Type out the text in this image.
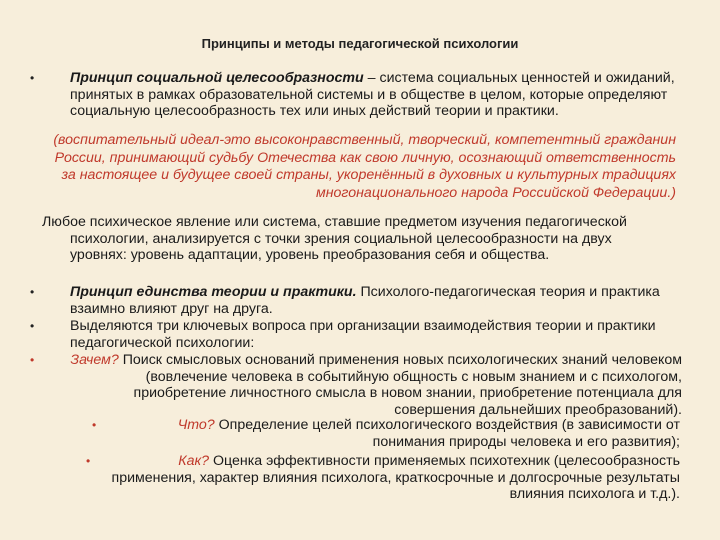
Принципы и методы педагогической психологии
•	Принцип социальной целесообразности – система социальных ценностей и ожиданий, принятых в рамках образовательной системы и в обществе в целом, которые определяют социальную целесообразность тех или иных действий теории и практики.
(воспитательный идеал-это высоконравственный, творческий, компетентный гражданин России, принимающий судьбу Отечества как свою личную, осознающий ответственность за настоящее и будущее своей страны, укоренённый в духовных и культурных традициях многонационального народа Российской Федерации.)
Любое психическое явление или система, ставшие предметом изучения педагогической психологии, анализируется с точки зрения социальной целесообразности на двух уровнях: уровень адаптации, уровень преобразования себя и общества.
•	Принцип единства теории и практики. Психолого-педагогическая теория и практика взаимно влияют друг на друга.
•	Выделяются три ключевых вопроса при организации взаимодействия теории и практики педагогической психологии:
•	Зачем? Поиск смысловых оснований применения новых психологических знаний человеком (вовлечение человека в событийную общность с новым знанием и с психологом, приобретение личностного смысла в новом знании, приобретение потенциала для совершения дальнейших преобразований).
•	Что? Определение целей психологического воздействия (в зависимости от понимания природы человека и его развития);
•	Как? Оценка эффективности применяемых психотехник (целесообразность применения, характер влияния психолога, краткосрочные и долгосрочные результаты влияния психолога и т.д.).
